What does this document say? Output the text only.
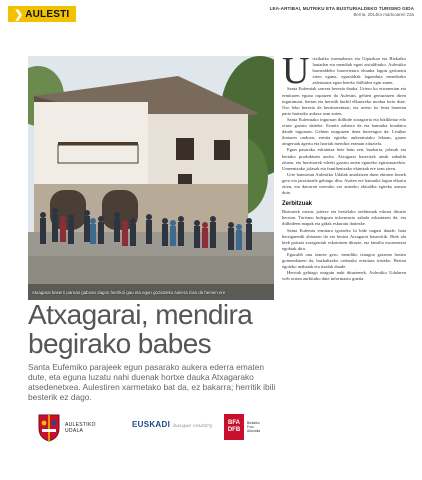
❯ AULESTI	LEA-ARTIBAI, MUTRIKU ETA BUSTURIALDEKO TURISMO GIDA
Berria, 2014ko martxoaren 23a
Atxagarai baserri parean gaboan dagon herrikoi gau eta egun gozatzeko aukera izan da hemen ere
U rtxikaiko iturmaharra eta Gipuzkoa eta Bizkaiko lautadan eta mendiak egart aisialdirako. Aulestiko barnealdeko baserrietara ehunka lagun gerturatu ziren eguna, eguraldiak lagunduta mendirako zaletasuna egun beteko ibilbidea egin zuten.

Santa Eufemiak sarrera berezia dauka. Urtero ko erromerian eta ermitaren eguna ospatzen da Aulestin, gehien gerturatzen diren ingurumari, bertan eta herritik hurbil elkartzeko modua lortu dute. Oso leku berezia da herritarrentzat, eta urtero ko festa honetan parte hartzeko aukera izan zuten.

Santa Eufemiako inguruan ibilbide zoragarria eta bizikletaz edo oinez gozatu daiteke. Ermita zaharra da eta hamaika kondaira daude inguruan. Gehien ezagutzen dena hurrengoa da: Leaibar ibaiaren ondoan, ermita egiteko aukeratutako lekuan, gauez aingeruak agertu eta harriak mendira eraman zituztela.

Egun pasarako eskaintza bete batu zen, bazkaria, jolasak eta bertako produktuen azoka. Atxagarai baserriak ateak zabaldu zituen, eta herritarrek ederki gozatu zuten eguneko egitarauarekin. Umeentzako jolasak eta familientzako ekintzak ere izan ziren.

Urte batzuetan Aulestiko Udalak antolatzen duen ekimen honek gero eta jarraitzaile gehiago ditu. Aurten ere hamaika lagun elkartu ziren, eta datorren urterako ere antzeko ekitaldia egiteko asmoa dute.

Zerbitzuak

Bisitariek ostatu, jatetxe eta bestelako zerbitzuak eskura dituzte herrian. Turismo bulegoan informazio zabala eskaintzen da, eta ibilbideen mapak eta gidak eskuratu daitezke.

Santa Eufemia ermitara igotzeko bi bide nagusi daude: bata herrigunetik abiatzen da eta bestea Atxagarai baserritik. Biek ala biek paisaia zoragarriak eskaintzen dituzte, eta familia osoarentzat egokiak dira.

Eguraldi ona izanez gero, mendiko txangoa goizean hastea gomendatzen da, bazkaltzeko ordurako ermitara iristeko. Bertan egoteko mahaiak eta itzalak daude.

Herriak gehiago ezagutu nahi dituztenek, Aulestiko Udalaren web orrian aurkituko dute informazio guztia.

Atxagarai, mendira begirako babes
Santa Eufemiko parajeek egun pasarako aukera ederra ematen dute, eta eguna luzatu nahi duenak hortxe dauka Atxagarako atsedenetxea. Aulestiren xarmetako bat da, ez bakarra; herritik ibili besterik ez dago.
AULESTIKO
UDALA
EUSKADI basque country	BFA
DFB
Bizkaiko
Foru
Aldundia
